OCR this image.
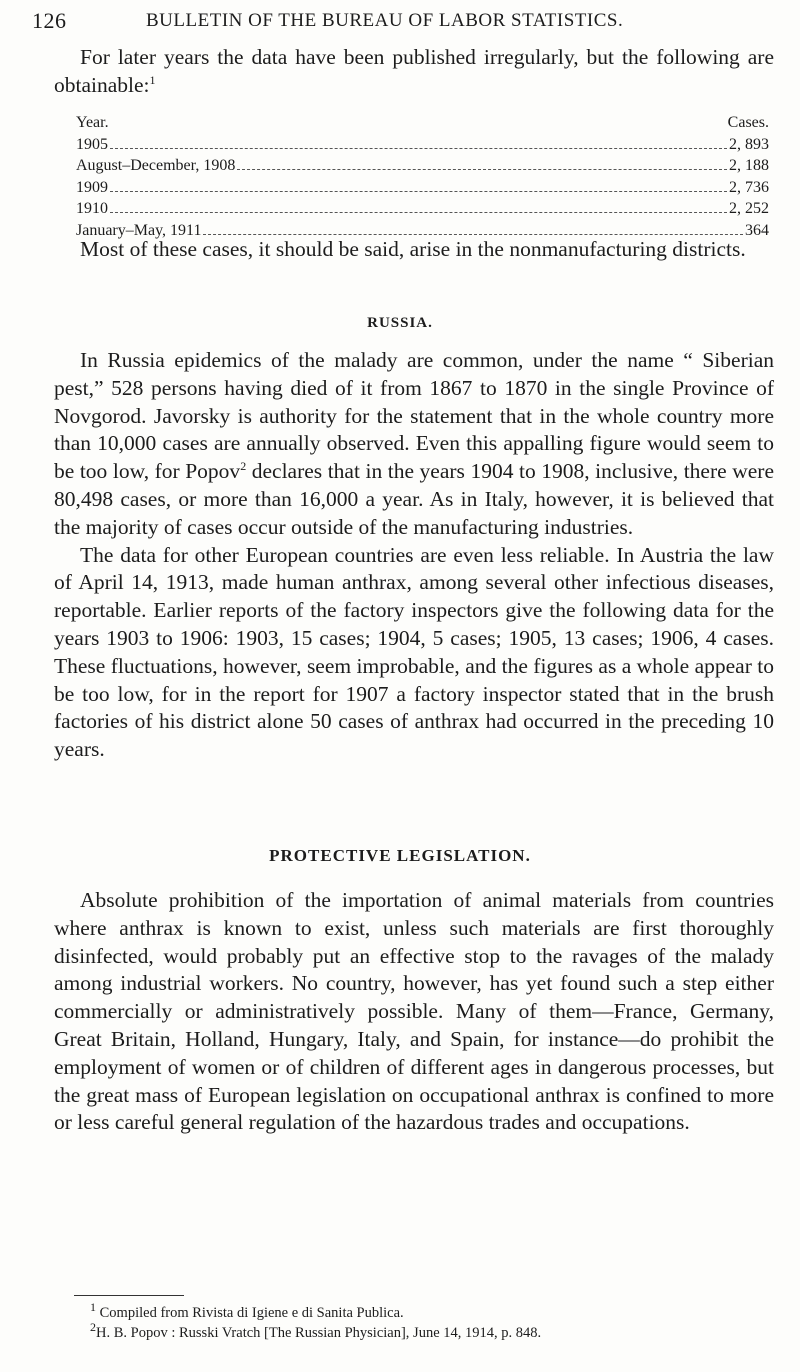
126	BULLETIN OF THE BUREAU OF LABOR STATISTICS.

For later years the data have been published irregularly, but the following are obtainable:$^1$

Year.	Cases.
1905	2, 893
August–December, 1908	2, 188
1909	2, 736
1910	2, 252
January–May, 1911	364

Most of these cases, it should be said, arise in the nonmanufacturing districts.

RUSSIA.

In Russia epidemics of the malady are common, under the name “ Siberian pest,” 528 persons having died of it from 1867 to 1870 in the single Province of Novgorod. Javorsky is authority for the statement that in the whole country more than 10,000 cases are annually observed. Even this appalling figure would seem to be too low, for Popov$^2$ declares that in the years 1904 to 1908, inclusive, there were 80,498 cases, or more than 16,000 a year. As in Italy, however, it is believed that the majority of cases occur outside of the manufacturing industries.

The data for other European countries are even less reliable. In Austria the law of April 14, 1913, made human anthrax, among several other infectious diseases, reportable. Earlier reports of the factory inspectors give the following data for the years 1903 to 1906: 1903, 15 cases; 1904, 5 cases; 1905, 13 cases; 1906, 4 cases. These fluctuations, however, seem improbable, and the figures as a whole appear to be too low, for in the report for 1907 a factory inspector stated that in the brush factories of his district alone 50 cases of anthrax had occurred in the preceding 10 years.

PROTECTIVE LEGISLATION.

Absolute prohibition of the importation of animal materials from countries where anthrax is known to exist, unless such materials are first thoroughly disinfected, would probably put an effective stop to the ravages of the malady among industrial workers. No country, however, has yet found such a step either commercially or administratively possible. Many of them—France, Germany, Great Britain, Holland, Hungary, Italy, and Spain, for instance—do prohibit the employment of women or of children of different ages in dangerous processes, but the great mass of European legislation on occupational anthrax is confined to more or less careful general regulation of the hazardous trades and occupations.

$^1$ Compiled from Rivista di Igiene e di Sanita Publica.
$^2$H. B. Popov : Russki Vratch [The Russian Physician], June 14, 1914, p. 848.
